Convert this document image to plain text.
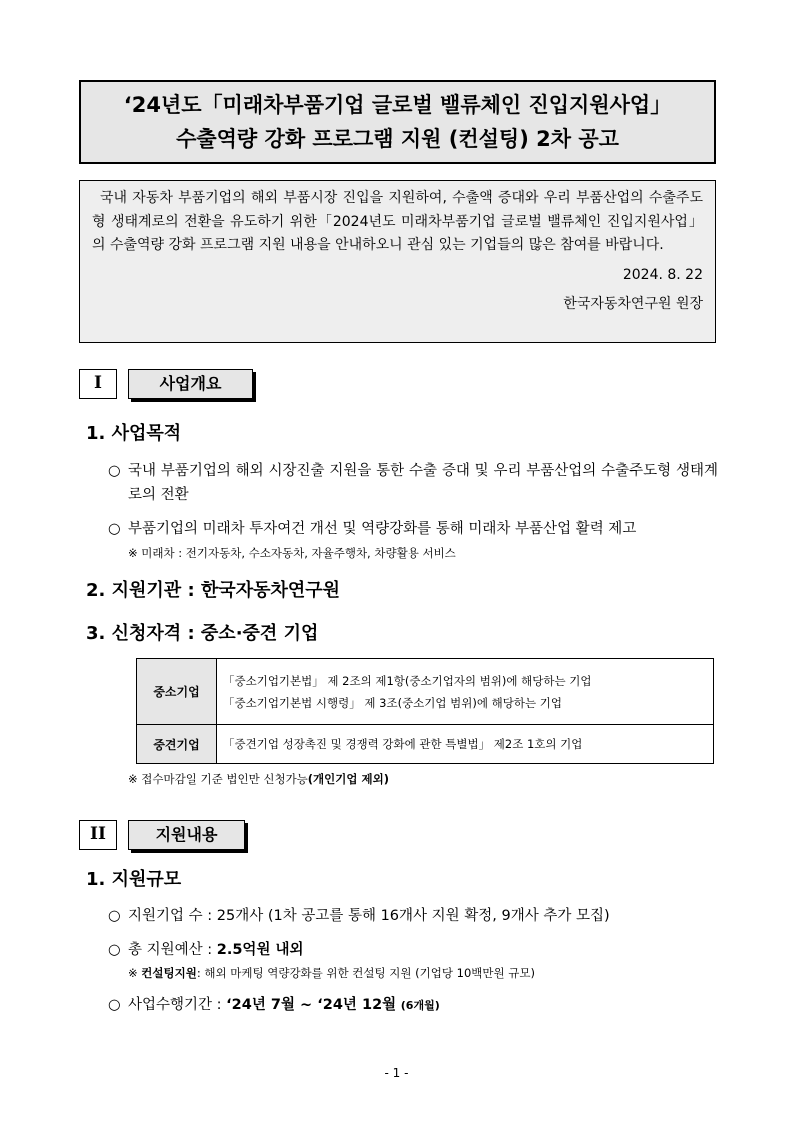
‘24년도「미래차부품기업 글로벌 밸류체인 진입지원사업」
수출역량 강화 프로그램 지원 (컨설팅) 2차 공고
국내 자동차 부품기업의 해외 부품시장 진입을 지원하여, 수출액 증대와 우리 부품산업의 수출주도형 생태계로의 전환을 유도하기 위한「2024년도 미래차부품기업 글로벌 밸류체인 진입지원사업」의 수출역량 강화 프로그램 지원 내용을 안내하오니 관심 있는 기업들의 많은 참여를 바랍니다.
2024. 8. 22
한국자동차연구원 원장
I	사업개요
1. 사업목적
○ 국내 부품기업의 해외 시장진출 지원을 통한 수출 증대 및 우리 부품산업의 수출주도형 생태계로의 전환
○ 부품기업의 미래차 투자여건 개선 및 역량강화를 통해 미래차 부품산업 활력 제고
※ 미래차 : 전기자동차, 수소자동차, 자율주행차, 차량활용 서비스
2. 지원기관 : 한국자동차연구원
3. 신청자격 : 중소·중견 기업
중소기업	「중소기업기본법」 제 2조의 제1항(중소기업자의 범위)에 해당하는 기업
「중소기업기본법 시행령」 제 3조(중소기업 범위)에 해당하는 기업

중견기업	「중견기업 성장촉진 및 경쟁력 강화에 관한 특별법」 제2조 1호의 기업
※ 접수마감일 기준 법인만 신청가능(개인기업 제외)
II	지원내용
1. 지원규모
○ 지원기업 수 : 25개사 (1차 공고를 통해 16개사 지원 확정, 9개사 추가 모집)
○ 총 지원예산 : 2.5억원 내외
※ 컨설팅지원: 해외 마케팅 역량강화를 위한 컨설팅 지원 (기업당 10백만원 규모)
○ 사업수행기간 : ‘24년 7월 ~ ‘24년 12월 (6개월)
- 1 -
